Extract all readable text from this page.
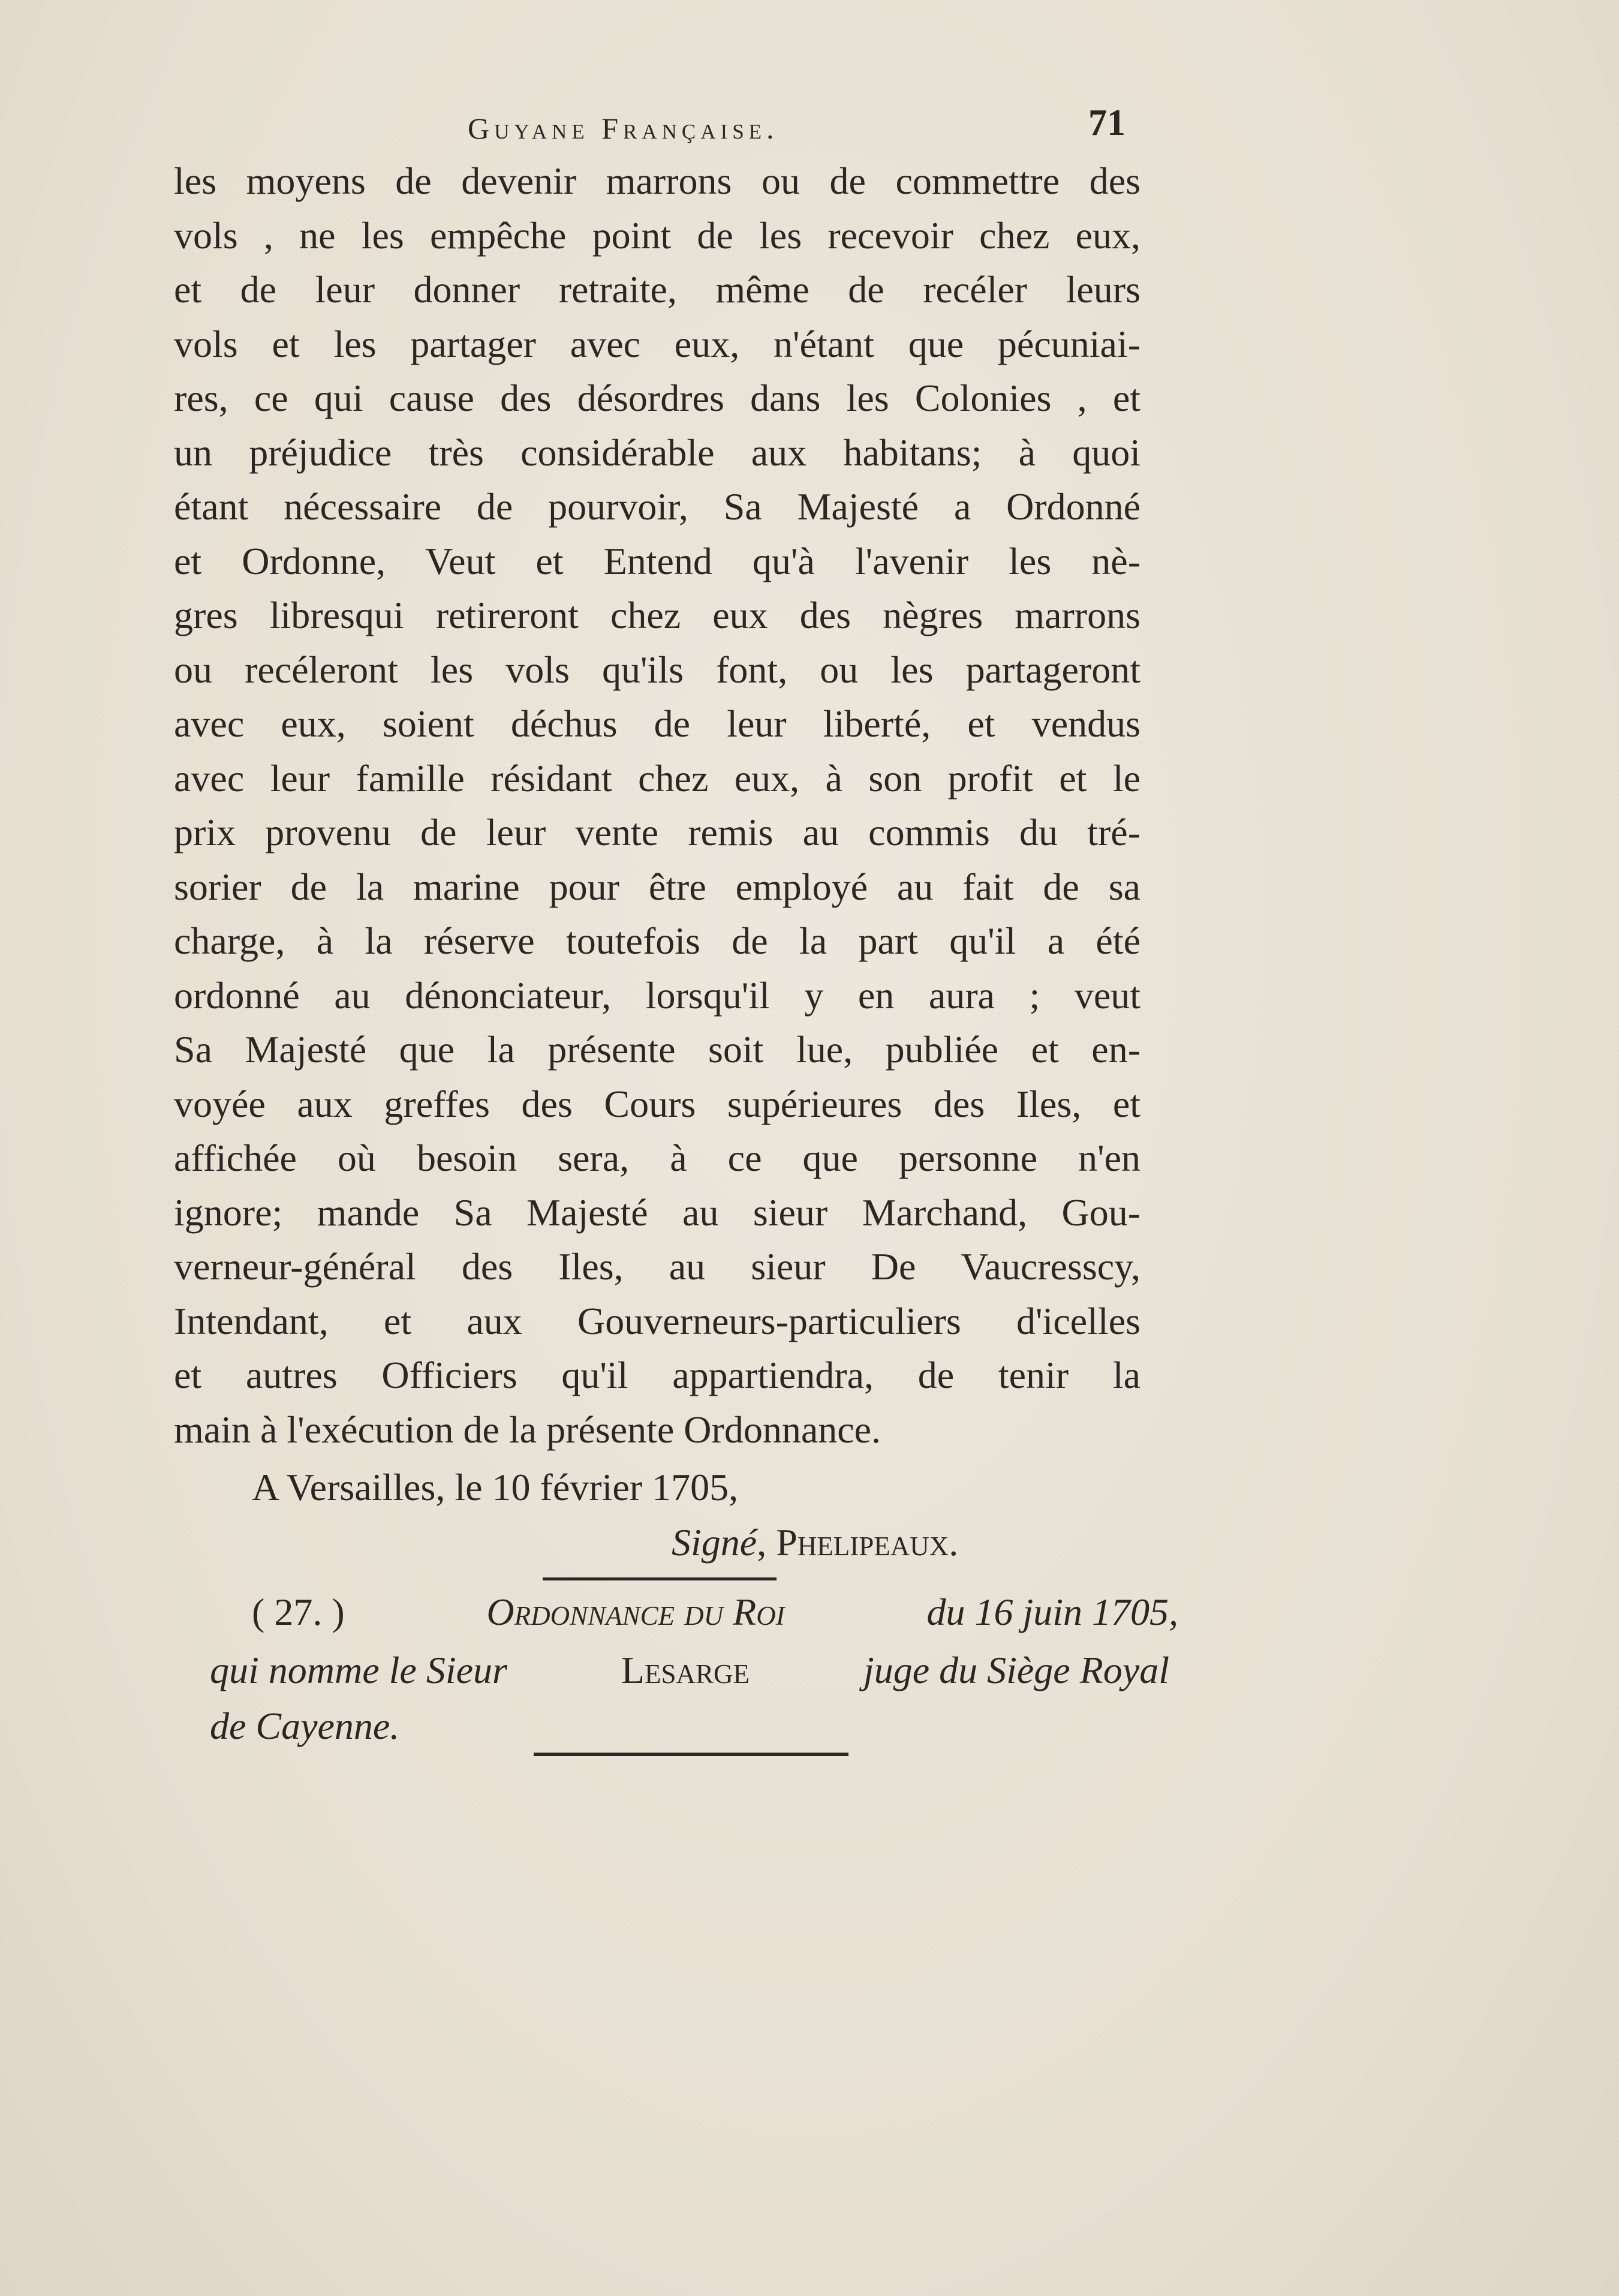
Guyane Française.	71
les moyens de devenir marrons ou de commettre des
vols , ne les empêche point de les recevoir chez eux,
et de leur donner retraite, même de recéler leurs
vols et les partager avec eux, n'étant que pécuniai-
res, ce qui cause des désordres dans les Colonies , et
un préjudice très considérable aux habitans; à quoi
étant nécessaire de pourvoir, Sa Majesté a Ordonné
et Ordonne, Veut et Entend qu'à l'avenir les nè-
gres libresqui retireront chez eux des nègres marrons
ou recéleront les vols qu'ils font, ou les partageront
avec eux, soient déchus de leur liberté, et vendus
avec leur famille résidant chez eux, à son profit et le
prix provenu de leur vente remis au commis du tré-
sorier de la marine pour être employé au fait de sa
charge, à la réserve toutefois de la part qu'il a été
ordonné au dénonciateur, lorsqu'il y en aura ; veut
Sa Majesté que la présente soit lue, publiée et en-
voyée aux greffes des Cours supérieures des Iles, et
affichée où besoin sera, à ce que personne n'en
ignore; mande Sa Majesté au sieur Marchand, Gou-
verneur-général des Iles, au sieur De Vaucresscy,
Intendant, et aux Gouverneurs-particuliers d'icelles
et autres Officiers qu'il appartiendra, de tenir la
main à l'exécution de la présente Ordonnance.
A Versailles, le 10 février 1705,
Signé, Phelipeaux.
( 27. )	Ordonnance du Roi	du 16 juin 1705,
qui nomme le Sieur	Lesarge	juge du Siège Royal
de Cayenne.
